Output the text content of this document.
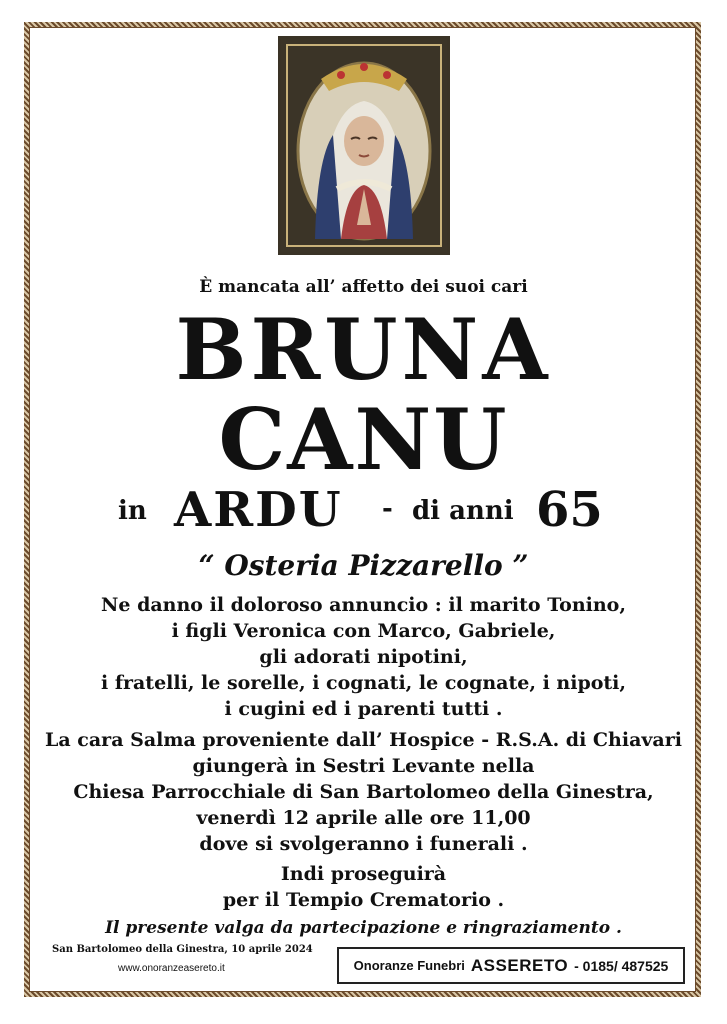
È mancata all’ affetto dei suoi cari
BRUNA
CANU
in ARDU - di anni 65
“ Osteria Pizzarello ”
Ne danno il doloroso annuncio : il marito Tonino,
i figli Veronica con Marco, Gabriele,
gli adorati nipotini,
i fratelli, le sorelle, i cognati, le cognate, i nipoti,
i cugini ed i parenti tutti .
La cara Salma proveniente dall’ Hospice - R.S.A. di Chiavari
giungerà in Sestri Levante nella
Chiesa Parrocchiale di San Bartolomeo della Ginestra,
venerdì 12 aprile alle ore 11,00
dove si svolgeranno i funerali .
Indi proseguirà
per il Tempio Crematorio .
Il presente valga da partecipazione e ringraziamento .
San Bartolomeo della Ginestra, 10 aprile 2024
www.onoranzeasereto.it	Onoranze Funebri ASSERETO - 0185/ 487525
